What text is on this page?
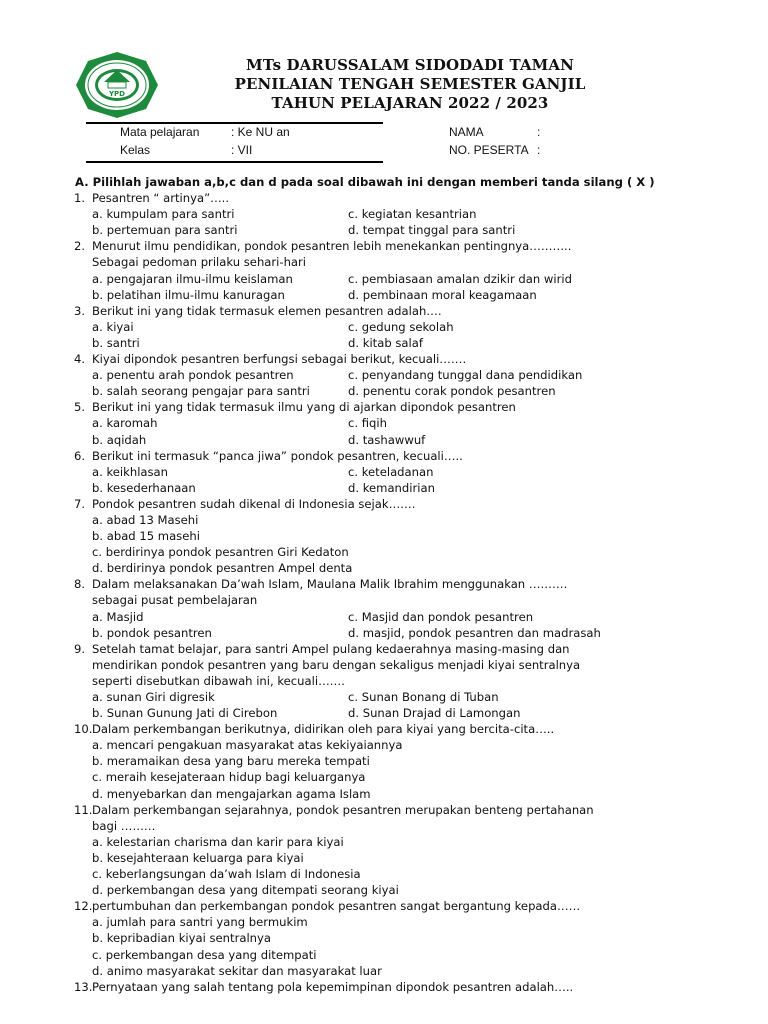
YPD
MTs DARUSSALAM SIDODADI TAMAN
PENILAIAN TENGAH SEMESTER GANJIL
TAHUN PELAJARAN 2022 / 2023
Mata pelajaran	: Ke NU an
Kelas	: VII
NAMA	:
NO. PESERTA :
A. Pilihlah jawaban a,b,c dan d pada soal dibawah ini dengan memberi tanda silang ( X )
1. Pesantren “ artinya”…..
a. kumpulam para santri	c. kegiatan kesantrian
b. pertemuan para santri	d. tempat tinggal para santri
2. Menurut ilmu pendidikan, pondok pesantren lebih menekankan pentingnya………..
Sebagai pedoman prilaku sehari-hari
a. pengajaran ilmu-ilmu keislaman	c. pembiasaan amalan dzikir dan wirid
b. pelatihan ilmu-ilmu kanuragan	d. pembinaan moral keagamaan
3. Berikut ini yang tidak termasuk elemen pesantren adalah….
a. kiyai	c. gedung sekolah
b. santri	d. kitab salaf
4. Kiyai dipondok pesantren berfungsi sebagai berikut, kecuali…….
a. penentu arah pondok pesantren	c. penyandang tunggal dana pendidikan
b. salah seorang pengajar para santri	d. penentu corak pondok pesantren
5. Berikut ini yang tidak termasuk ilmu yang di ajarkan dipondok pesantren
a. karomah	c. fiqih
b. aqidah	d. tashawwuf
6. Berikut ini termasuk “panca jiwa” pondok pesantren, kecuali…..
a. keikhlasan	c. keteladanan
b. kesederhanaan	d. kemandirian
7. Pondok pesantren sudah dikenal di Indonesia sejak…….
a. abad 13 Masehi
b. abad 15 masehi
c. berdirinya pondok pesantren Giri Kedaton
d. berdirinya pondok pesantren Ampel denta
8. Dalam melaksanakan Da’wah Islam, Maulana Malik Ibrahim menggunakan ……….
sebagai pusat pembelajaran
a. Masjid	c. Masjid dan pondok pesantren
b. pondok pesantren	d. masjid, pondok pesantren dan madrasah
9. Setelah tamat belajar, para santri Ampel pulang kedaerahnya masing-masing dan
mendirikan pondok pesantren yang baru dengan sekaligus menjadi kiyai sentralnya
seperti disebutkan dibawah ini, kecuali…….
a. sunan Giri digresik	c. Sunan Bonang di Tuban
b. Sunan Gunung Jati di Cirebon	d. Sunan Drajad di Lamongan
10. Dalam perkembangan berikutnya, didirikan oleh para kiyai yang bercita-cita…..
a. mencari pengakuan masyarakat atas kekiyaiannya
b. meramaikan desa yang baru mereka tempati
c. meraih kesejateraan hidup bagi keluarganya
d. menyebarkan dan mengajarkan agama Islam
11. Dalam perkembangan sejarahnya, pondok pesantren merupakan benteng pertahanan
bagi ………
a. kelestarian charisma dan karir para kiyai
b. kesejahteraan keluarga para kiyai
c. keberlangsungan da’wah Islam di Indonesia
d. perkembangan desa yang ditempati seorang kiyai
12. pertumbuhan dan perkembangan pondok pesantren sangat bergantung kepada……
a. jumlah para santri yang bermukim
b. kepribadian kiyai sentralnya
c. perkembangan desa yang ditempati
d. animo masyarakat sekitar dan masyarakat luar
13. Pernyataan yang salah tentang pola kepemimpinan dipondok pesantren adalah…..
